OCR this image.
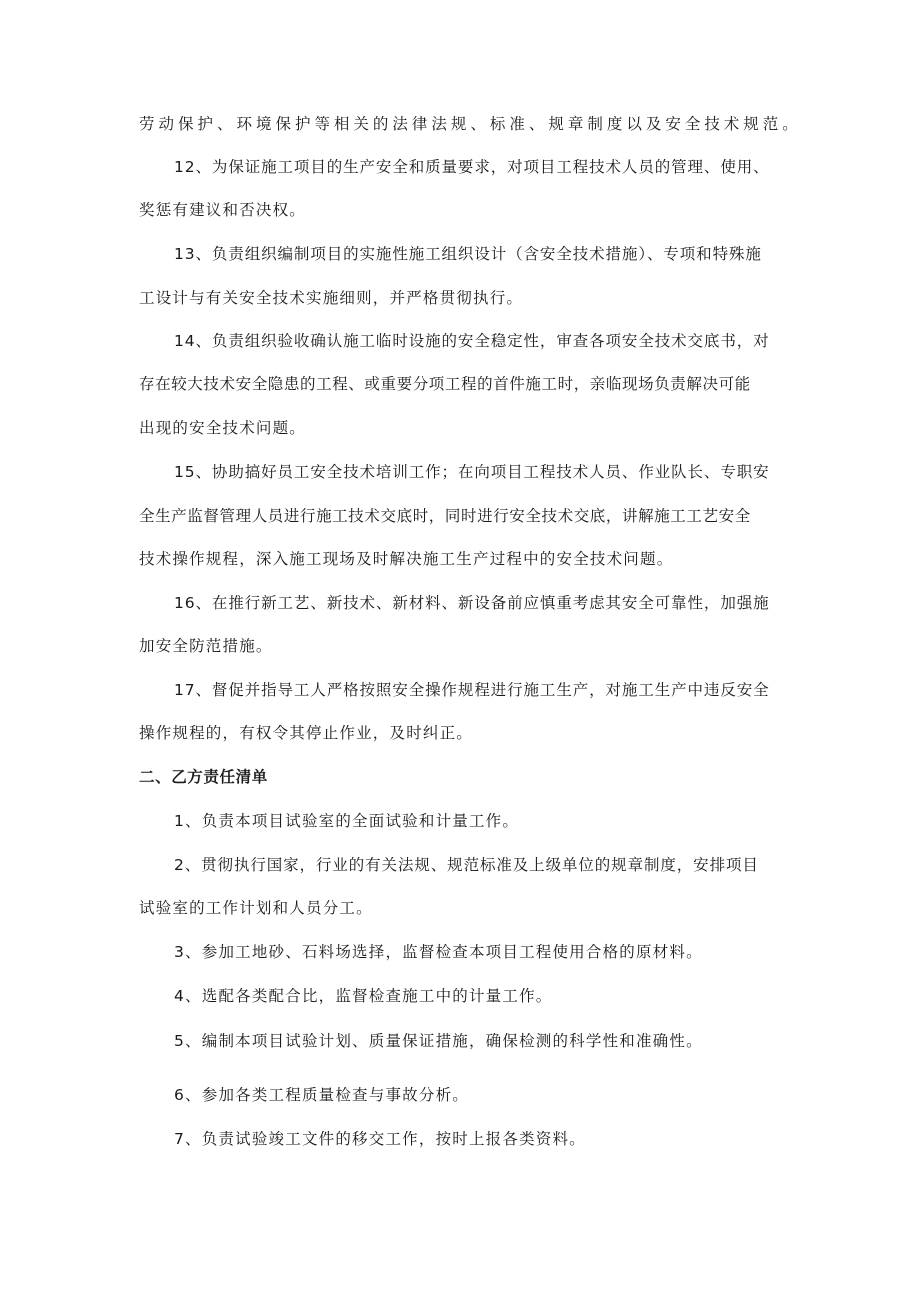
劳动保护、环境保护等相关的法律法规、标准、规章制度以及安全技术规范。
12、为保证施工项目的生产安全和质量要求，对项目工程技术人员的管理、使用、
奖惩有建议和否决权。
13、负责组织编制项目的实施性施工组织设计（含安全技术措施）、专项和特殊施
工设计与有关安全技术实施细则，并严格贯彻执行。
14、负责组织验收确认施工临时设施的安全稳定性，审查各项安全技术交底书，对
存在较大技术安全隐患的工程、或重要分项工程的首件施工时，亲临现场负责解决可能
出现的安全技术问题。
15、协助搞好员工安全技术培训工作；在向项目工程技术人员、作业队长、专职安
全生产监督管理人员进行施工技术交底时，同时进行安全技术交底，讲解施工工艺安全
技术操作规程，深入施工现场及时解决施工生产过程中的安全技术问题。
16、在推行新工艺、新技术、新材料、新设备前应慎重考虑其安全可靠性，加强施
加安全防范措施。
17、督促并指导工人严格按照安全操作规程进行施工生产，对施工生产中违反安全
操作规程的，有权令其停止作业，及时纠正。
二、乙方责任清单
1、负责本项目试验室的全面试验和计量工作。
2、贯彻执行国家，行业的有关法规、规范标准及上级单位的规章制度，安排项目
试验室的工作计划和人员分工。
3、参加工地砂、石料场选择，监督检查本项目工程使用合格的原材料。
4、选配各类配合比，监督检查施工中的计量工作。
5、编制本项目试验计划、质量保证措施，确保检测的科学性和准确性。
6、参加各类工程质量检查与事故分析。
7、负责试验竣工文件的移交工作，按时上报各类资料。
